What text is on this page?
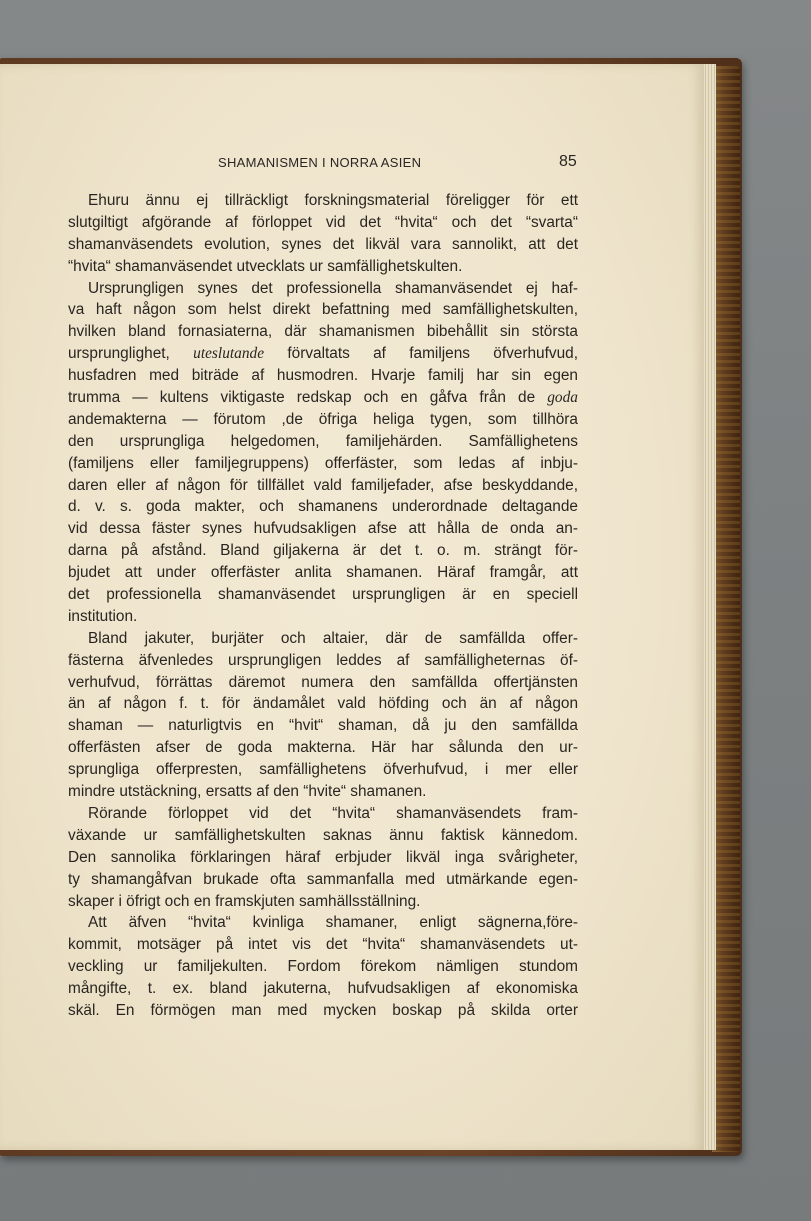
SHAMANISMEN I NORRA ASIEN	85
Ehuru ännu ej tillräckligt forskningsmaterial föreligger för ett
slutgiltigt afgörande af förloppet vid det “hvita“ och det “svarta“
shamanväsendets evolution, synes det likväl vara sannolikt, att det
“hvita“ shamanväsendet utvecklats ur samfällighetskulten.
Ursprungligen synes det professionella shamanväsendet ej haf-
va haft någon som helst direkt befattning med samfällighetskulten,
hvilken bland fornasiaterna, där shamanismen bibehållit sin största
ursprunglighet, uteslutande förvaltats af familjens öfverhufvud,
husfadren med biträde af husmodren. Hvarje familj har sin egen
trumma — kultens viktigaste redskap och en gåfva från de goda
andemakterna — förutom ,de öfriga heliga tygen, som tillhöra
den ursprungliga helgedomen, familjehärden. Samfällighetens
(familjens eller familjegruppens) offerfäster, som ledas af inbju-
daren eller af någon för tillfället vald familjefader, afse beskyddande,
d. v. s. goda makter, och shamanens underordnade deltagande
vid dessa fäster synes hufvudsakligen afse att hålla de onda an-
darna på afstånd. Bland giljakerna är det t. o. m. strängt för-
bjudet att under offerfäster anlita shamanen. Häraf framgår, att
det professionella shamanväsendet ursprungligen är en speciell
institution.
Bland jakuter, burjäter och altaier, där de samfällda offer-
fästerna äfvenledes ursprungligen leddes af samfälligheternas öf-
verhufvud, förrättas däremot numera den samfällda offertjänsten
än af någon f. t. för ändamålet vald höfding och än af någon
shaman — naturligtvis en “hvit“ shaman, då ju den samfällda
offerfästen afser de goda makterna. Här har sålunda den ur-
sprungliga offerpresten, samfällighetens öfverhufvud, i mer eller
mindre utstäckning, ersatts af den “hvite“ shamanen.
Rörande förloppet vid det “hvita“ shamanväsendets fram-
växande ur samfällighetskulten saknas ännu faktisk kännedom.
Den sannolika förklaringen häraf erbjuder likväl inga svårigheter,
ty shamangåfvan brukade ofta sammanfalla med utmärkande egen-
skaper i öfrigt och en framskjuten samhällsställning.
Att äfven “hvita“ kvinliga shamaner, enligt sägnerna,före-
kommit, motsäger på intet vis det “hvita“ shamanväsendets ut-
veckling ur familjekulten. Fordom förekom nämligen stundom
mångifte, t. ex. bland jakuterna, hufvudsakligen af ekonomiska
skäl. En förmögen man med mycken boskap på skilda orter
